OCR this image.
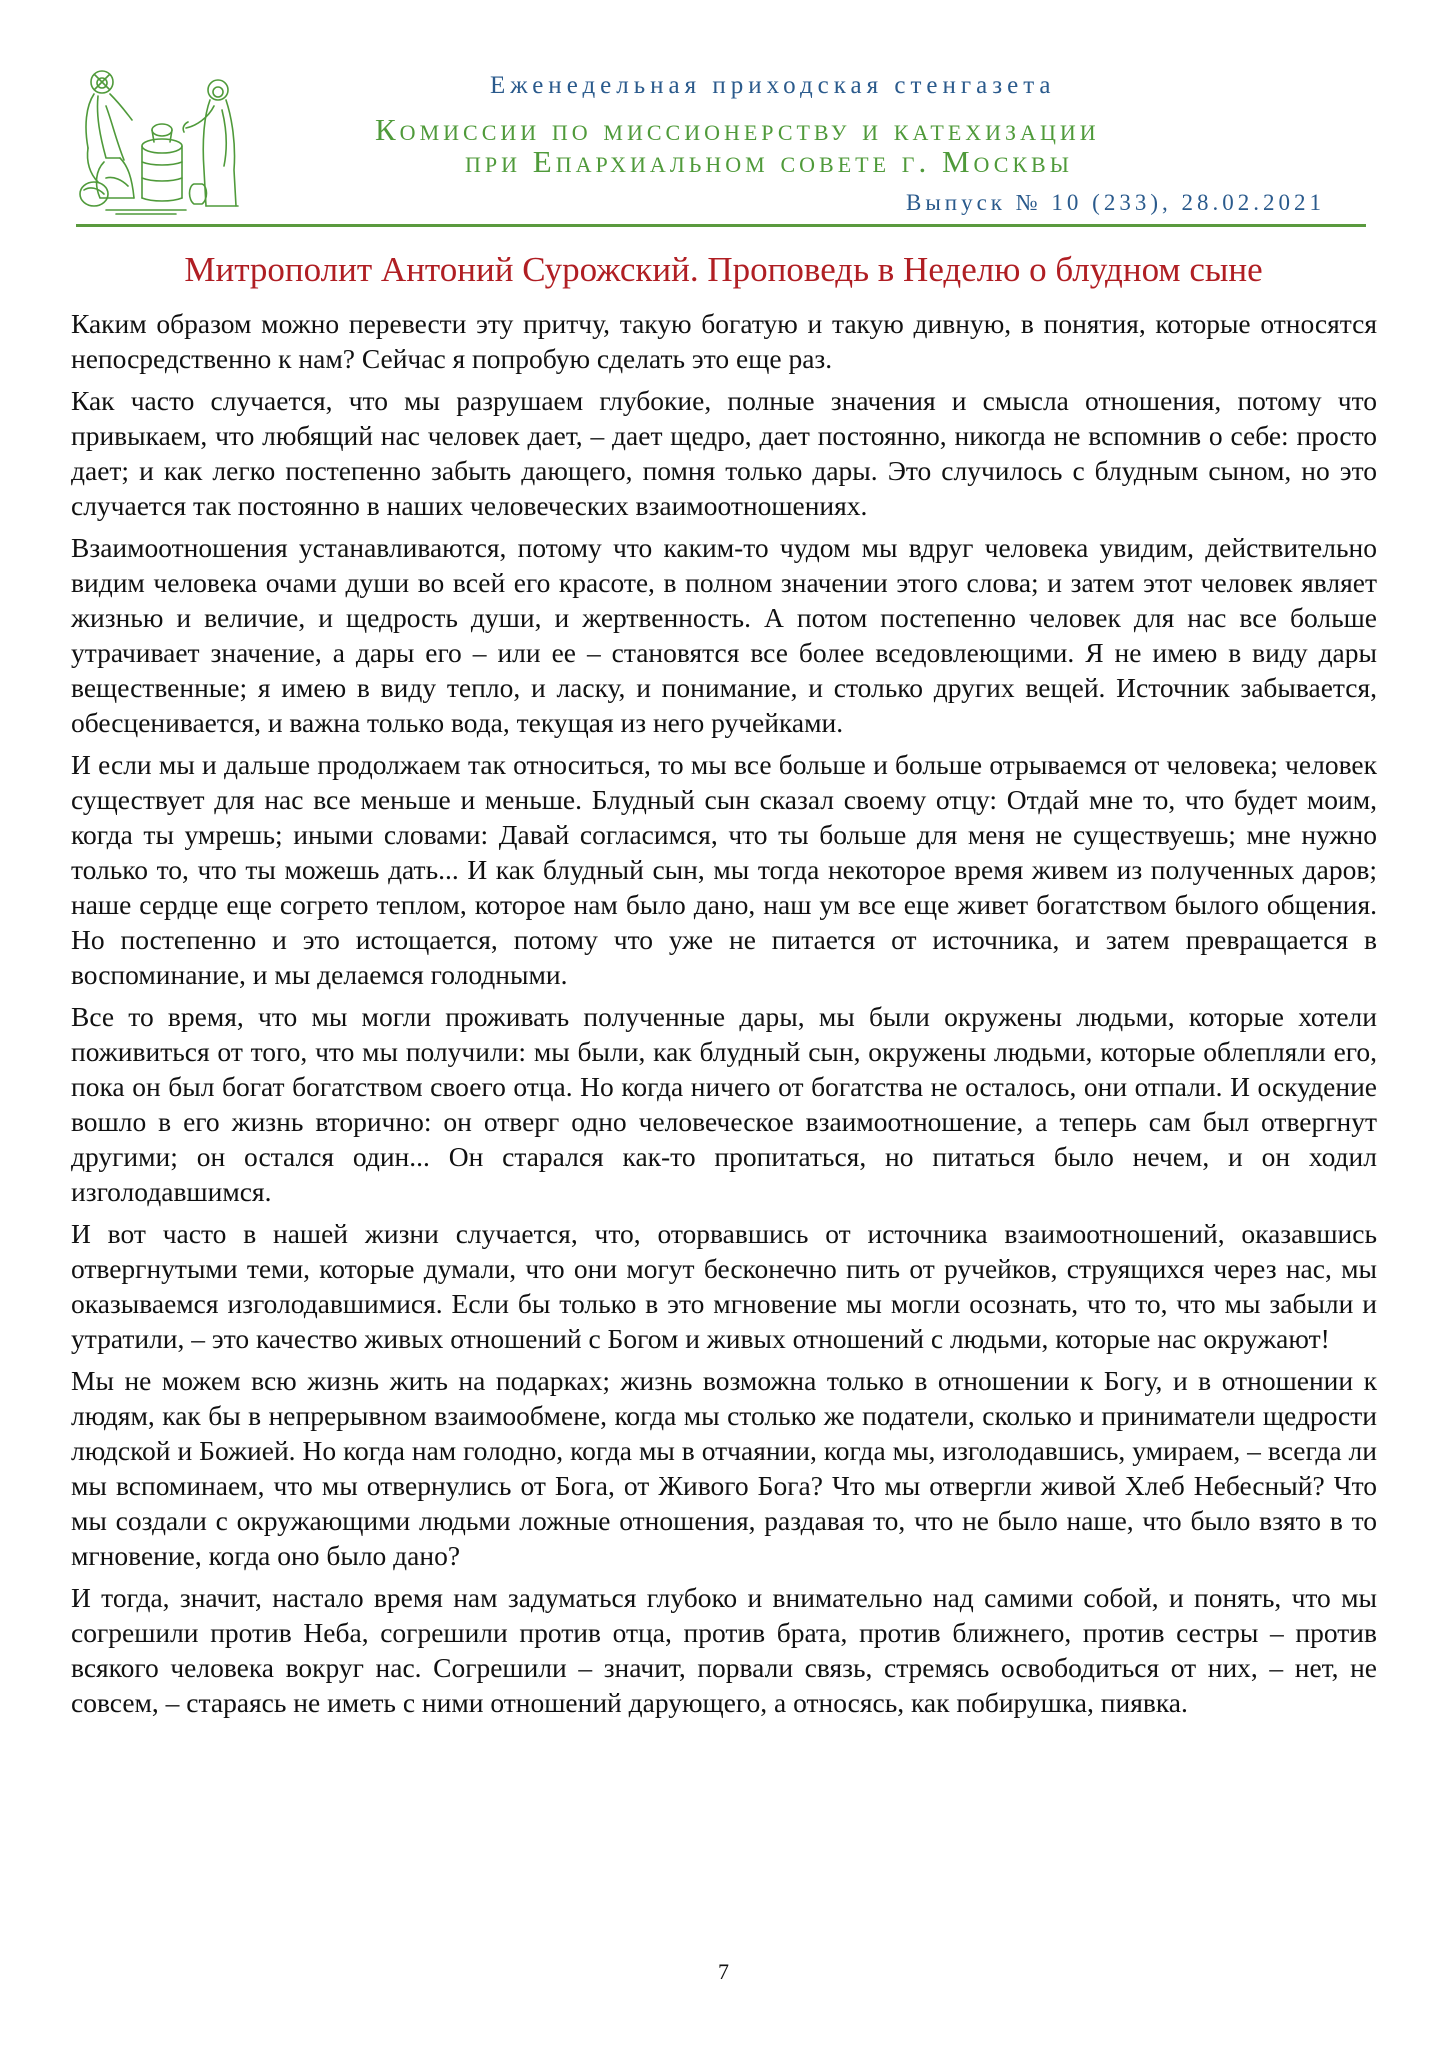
Еженедельная приходская стенгазета
Комиссии по миссионерству и катехизации
при Епархиальном совете г. Москвы
Выпуск № 10 (233), 28.02.2021
Митрополит Антоний Сурожский. Проповедь в Неделю о блудном сыне

Каким образом можно перевести эту притчу, такую богатую и такую дивную, в понятия, которые относятся непосредственно к нам? Сейчас я попробую сделать это еще раз.

Как часто случается, что мы разрушаем глубокие, полные значения и смысла отношения, потому что привыкаем, что любящий нас человек дает, – дает щедро, дает постоянно, никогда не вспомнив о себе: просто дает; и как легко постепенно забыть дающего, помня только дары. Это случилось с блудным сыном, но это случается так постоянно в наших человеческих взаимоотношениях.

Взаимоотношения устанавливаются, потому что каким-то чудом мы вдруг человека увидим, действительно видим человека очами души во всей его красоте, в полном значении этого слова; и затем этот человек являет жизнью и величие, и щедрость души, и жертвенность. А потом постепенно человек для нас все больше утрачивает значение, а дары его – или ее – становятся все более вседовлеющими. Я не имею в виду дары вещественные; я имею в виду тепло, и ласку, и понимание, и столько других вещей. Источник забывается, обесценивается, и важна только вода, текущая из него ручейками.

И если мы и дальше продолжаем так относиться, то мы все больше и больше отрываемся от человека; человек существует для нас все меньше и меньше. Блудный сын сказал своему отцу: Отдай мне то, что будет моим, когда ты умрешь; иными словами: Давай согласимся, что ты больше для меня не существуешь; мне нужно только то, что ты можешь дать... И как блудный сын, мы тогда некоторое время живем из полученных даров; наше сердце еще согрето теплом, которое нам было дано, наш ум все еще живет богатством былого общения. Но постепенно и это истощается, потому что уже не питается от источника, и затем превращается в воспоминание, и мы делаемся голодными.

Все то время, что мы могли проживать полученные дары, мы были окружены людьми, которые хотели поживиться от того, что мы получили: мы были, как блудный сын, окружены людьми, которые облепляли его, пока он был богат богатством своего отца. Но когда ничего от богатства не осталось, они отпали. И оскудение вошло в его жизнь вторично: он отверг одно человеческое взаимоотношение, а теперь сам был отвергнут другими; он остался один... Он старался как-то пропитаться, но питаться было нечем, и он ходил изголодавшимся.

И вот часто в нашей жизни случается, что, оторвавшись от источника взаимоотношений, оказавшись отвергнутыми теми, которые думали, что они могут бесконечно пить от ручейков, струящихся через нас, мы оказываемся изголодавшимися. Если бы только в это мгновение мы могли осознать, что то, что мы забыли и утратили, – это качество живых отношений с Богом и живых отношений с людьми, которые нас окружают!

Мы не можем всю жизнь жить на подарках; жизнь возможна только в отношении к Богу, и в отношении к людям, как бы в непрерывном взаимообмене, когда мы столько же податели, сколько и приниматели щедрости людской и Божией. Но когда нам голодно, когда мы в отчаянии, когда мы, изголодавшись, умираем, – всегда ли мы вспоминаем, что мы отвернулись от Бога, от Живого Бога? Что мы отвергли живой Хлеб Небесный? Что мы создали с окружающими людьми ложные отношения, раздавая то, что не было наше, что было взято в то мгновение, когда оно было дано?

И тогда, значит, настало время нам задуматься глубоко и внимательно над самими собой, и понять, что мы согрешили против Неба, согрешили против отца, против брата, против ближнего, против сестры – против всякого человека вокруг нас. Согрешили – значит, порвали связь, стремясь освободиться от них, – нет, не совсем, – стараясь не иметь с ними отношений дарующего, а относясь, как побирушка, пиявка.

7
